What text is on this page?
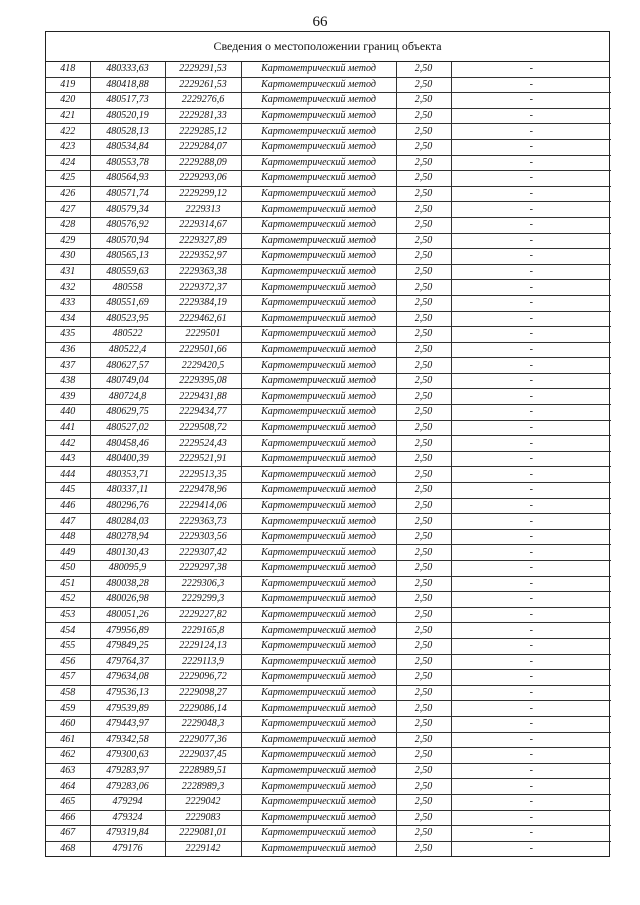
66
Сведения о местоположении границ объекта
418	480333,63	2229291,53	Картометрический метод	2,50	-
419	480418,88	2229261,53	Картометрический метод	2,50	-
420	480517,73	2229276,6	Картометрический метод	2,50	-
421	480520,19	2229281,33	Картометрический метод	2,50	-
422	480528,13	2229285,12	Картометрический метод	2,50	-
423	480534,84	2229284,07	Картометрический метод	2,50	-
424	480553,78	2229288,09	Картометрический метод	2,50	-
425	480564,93	2229293,06	Картометрический метод	2,50	-
426	480571,74	2229299,12	Картометрический метод	2,50	-
427	480579,34	2229313	Картометрический метод	2,50	-
428	480576,92	2229314,67	Картометрический метод	2,50	-
429	480570,94	2229327,89	Картометрический метод	2,50	-
430	480565,13	2229352,97	Картометрический метод	2,50	-
431	480559,63	2229363,38	Картометрический метод	2,50	-
432	480558	2229372,37	Картометрический метод	2,50	-
433	480551,69	2229384,19	Картометрический метод	2,50	-
434	480523,95	2229462,61	Картометрический метод	2,50	-
435	480522	2229501	Картометрический метод	2,50	-
436	480522,4	2229501,66	Картометрический метод	2,50	-
437	480627,57	2229420,5	Картометрический метод	2,50	-
438	480749,04	2229395,08	Картометрический метод	2,50	-
439	480724,8	2229431,88	Картометрический метод	2,50	-
440	480629,75	2229434,77	Картометрический метод	2,50	-
441	480527,02	2229508,72	Картометрический метод	2,50	-
442	480458,46	2229524,43	Картометрический метод	2,50	-
443	480400,39	2229521,91	Картометрический метод	2,50	-
444	480353,71	2229513,35	Картометрический метод	2,50	-
445	480337,11	2229478,96	Картометрический метод	2,50	-
446	480296,76	2229414,06	Картометрический метод	2,50	-
447	480284,03	2229363,73	Картометрический метод	2,50	-
448	480278,94	2229303,56	Картометрический метод	2,50	-
449	480130,43	2229307,42	Картометрический метод	2,50	-
450	480095,9	2229297,38	Картометрический метод	2,50	-
451	480038,28	2229306,3	Картометрический метод	2,50	-
452	480026,98	2229299,3	Картометрический метод	2,50	-
453	480051,26	2229227,82	Картометрический метод	2,50	-
454	479956,89	2229165,8	Картометрический метод	2,50	-
455	479849,25	2229124,13	Картометрический метод	2,50	-
456	479764,37	2229113,9	Картометрический метод	2,50	-
457	479634,08	2229096,72	Картометрический метод	2,50	-
458	479536,13	2229098,27	Картометрический метод	2,50	-
459	479539,89	2229086,14	Картометрический метод	2,50	-
460	479443,97	2229048,3	Картометрический метод	2,50	-
461	479342,58	2229077,36	Картометрический метод	2,50	-
462	479300,63	2229037,45	Картометрический метод	2,50	-
463	479283,97	2228989,51	Картометрический метод	2,50	-
464	479283,06	2228989,3	Картометрический метод	2,50	-
465	479294	2229042	Картометрический метод	2,50	-
466	479324	2229083	Картометрический метод	2,50	-
467	479319,84	2229081,01	Картометрический метод	2,50	-
468	479176	2229142	Картометрический метод	2,50	-
